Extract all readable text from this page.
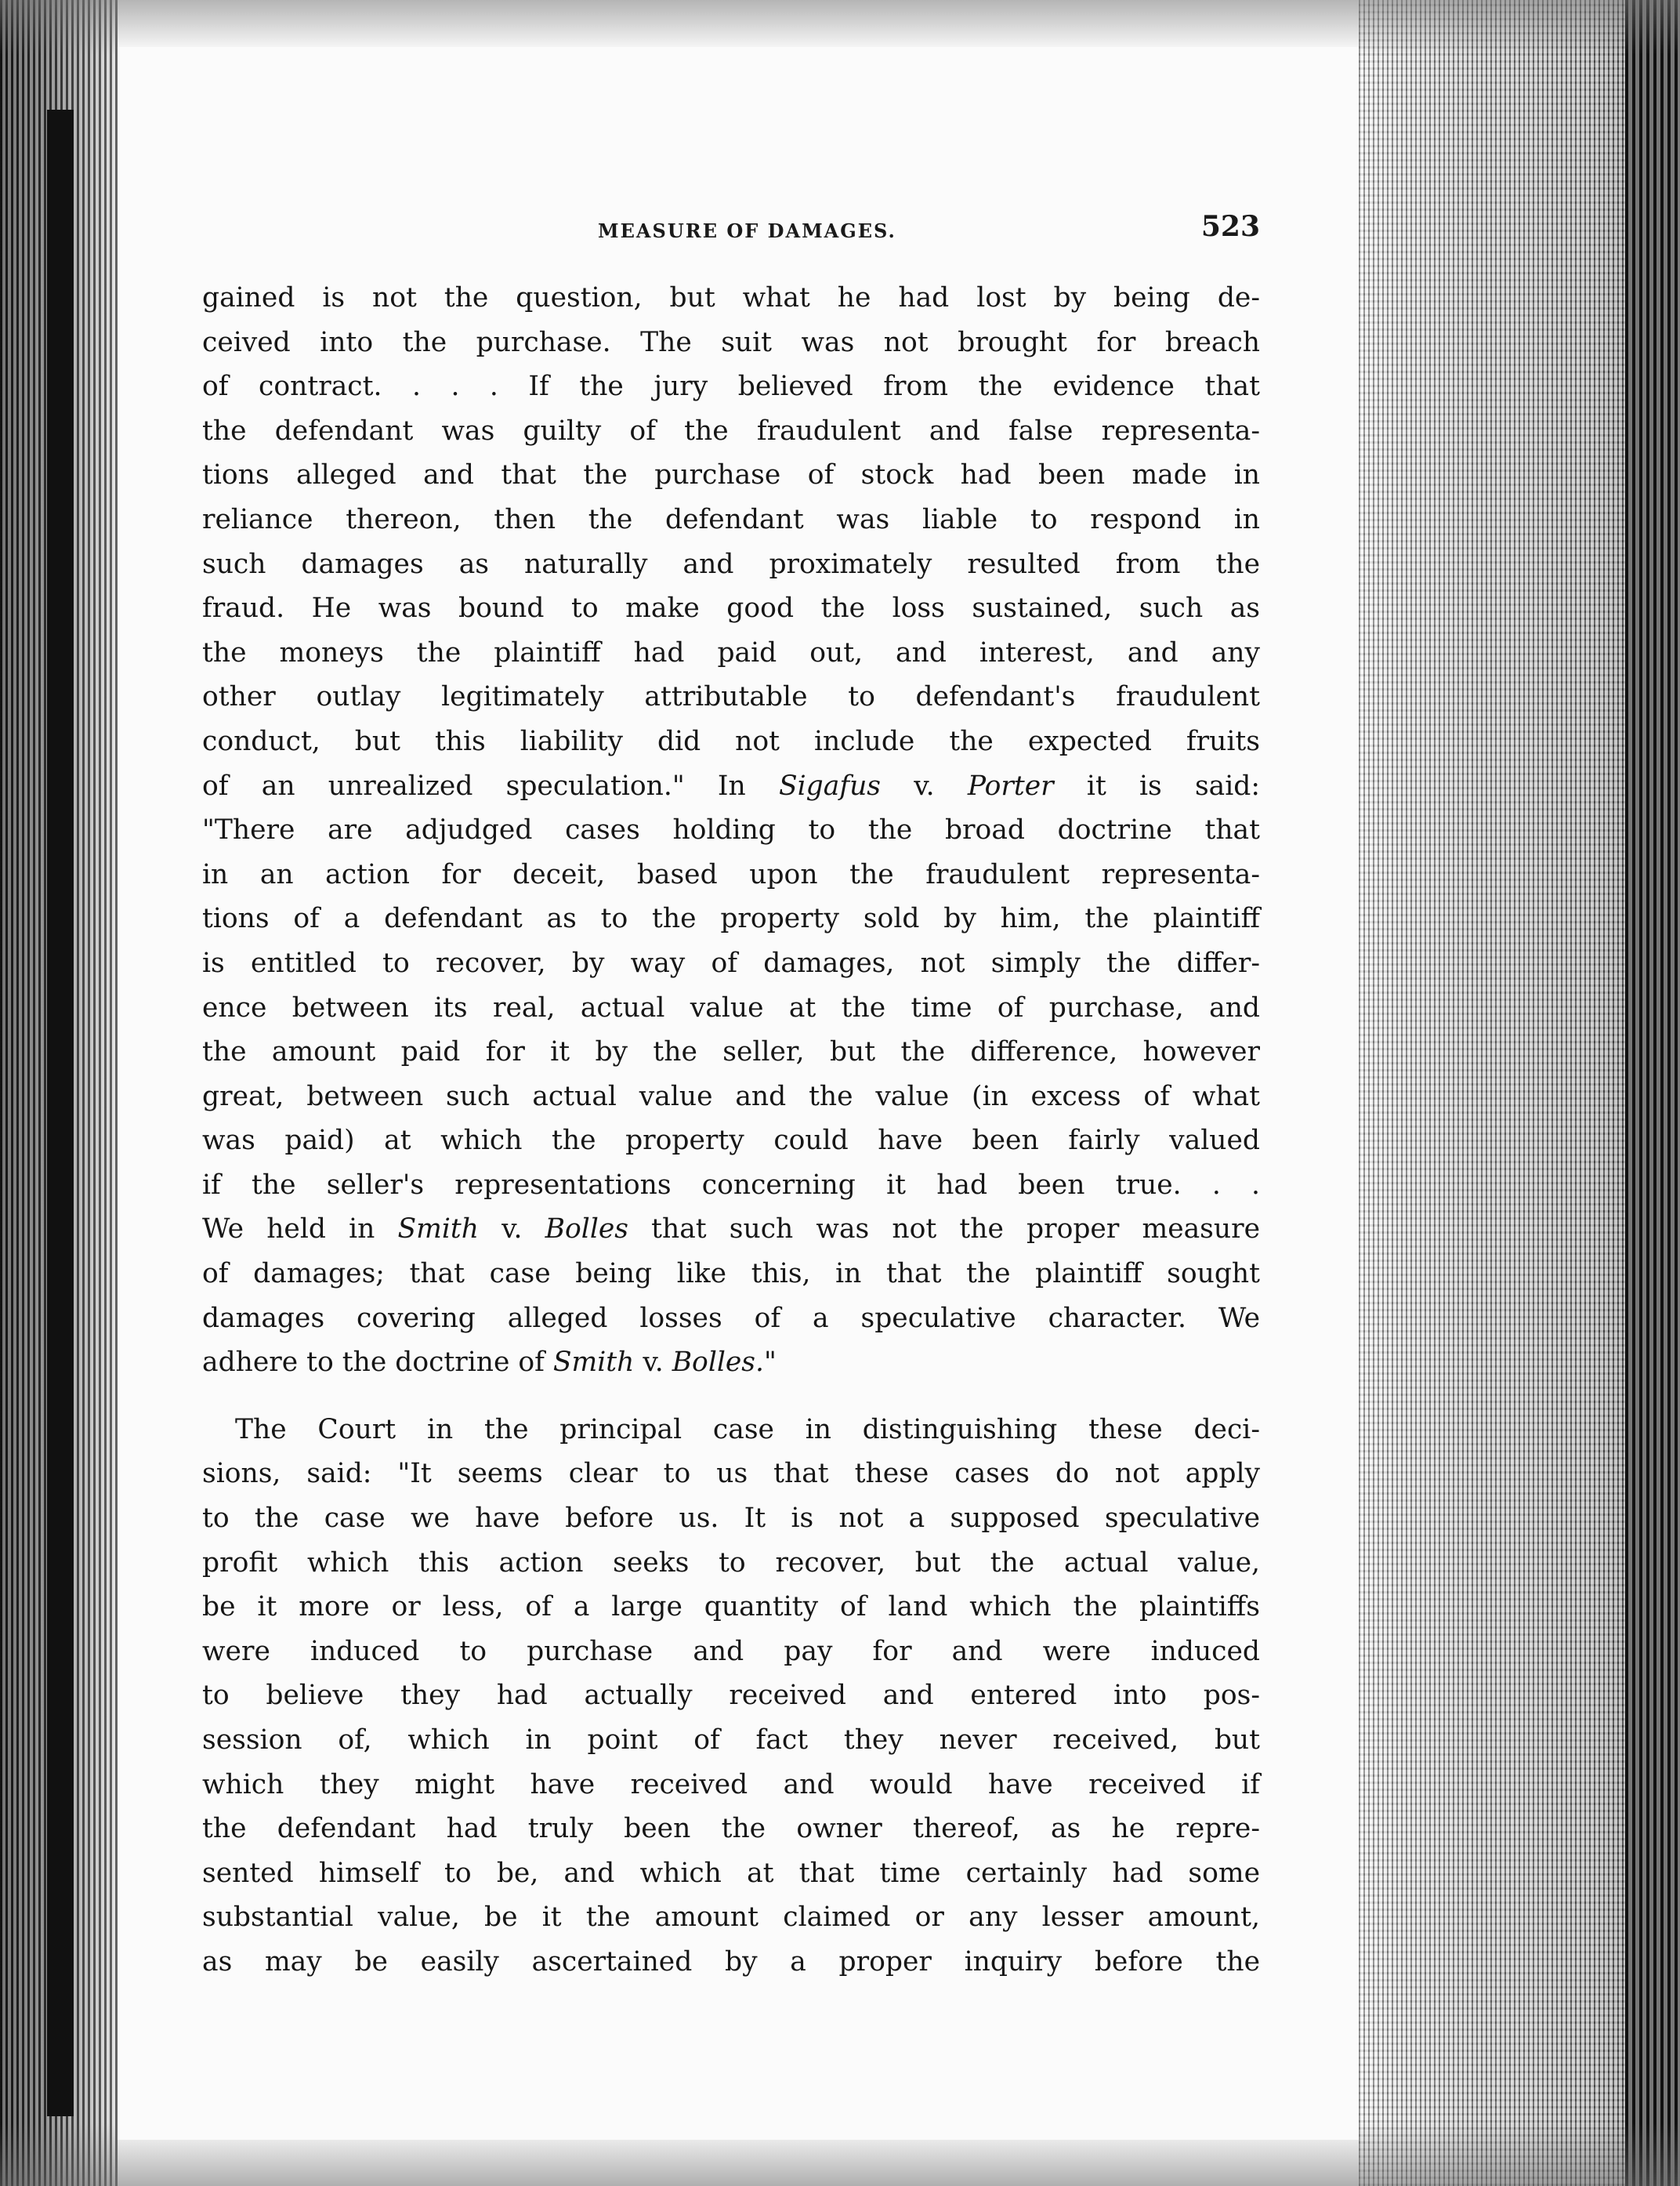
MEASURE OF DAMAGES.	523

gained is not the question, but what he had lost by being de-
ceived into the purchase. The suit was not brought for breach
of contract. . . . If the jury believed from the evidence that
the defendant was guilty of the fraudulent and false representa-
tions alleged and that the purchase of stock had been made in
reliance thereon, then the defendant was liable to respond in
such damages as naturally and proximately resulted from the
fraud. He was bound to make good the loss sustained, such as
the moneys the plaintiff had paid out, and interest, and any
other outlay legitimately attributable to defendant's fraudulent
conduct, but this liability did not include the expected fruits
of an unrealized speculation." In Sigafus v. Porter it is said:
"There are adjudged cases holding to the broad doctrine that
in an action for deceit, based upon the fraudulent representa-
tions of a defendant as to the property sold by him, the plaintiff
is entitled to recover, by way of damages, not simply the differ-
ence between its real, actual value at the time of purchase, and
the amount paid for it by the seller, but the difference, however
great, between such actual value and the value (in excess of what
was paid) at which the property could have been fairly valued
if the seller's representations concerning it had been true. . .
We held in Smith v. Bolles that such was not the proper measure
of damages; that case being like this, in that the plaintiff sought
damages covering alleged losses of a speculative character. We
adhere to the doctrine of Smith v. Bolles."

The Court in the principal case in distinguishing these deci-
sions, said: "It seems clear to us that these cases do not apply
to the case we have before us. It is not a supposed speculative
profit which this action seeks to recover, but the actual value,
be it more or less, of a large quantity of land which the plaintiffs
were induced to purchase and pay for and were induced
to believe they had actually received and entered into pos-
session of, which in point of fact they never received, but
which they might have received and would have received if
the defendant had truly been the owner thereof, as he repre-
sented himself to be, and which at that time certainly had some
substantial value, be it the amount claimed or any lesser amount,
as may be easily ascertained by a proper inquiry before the
